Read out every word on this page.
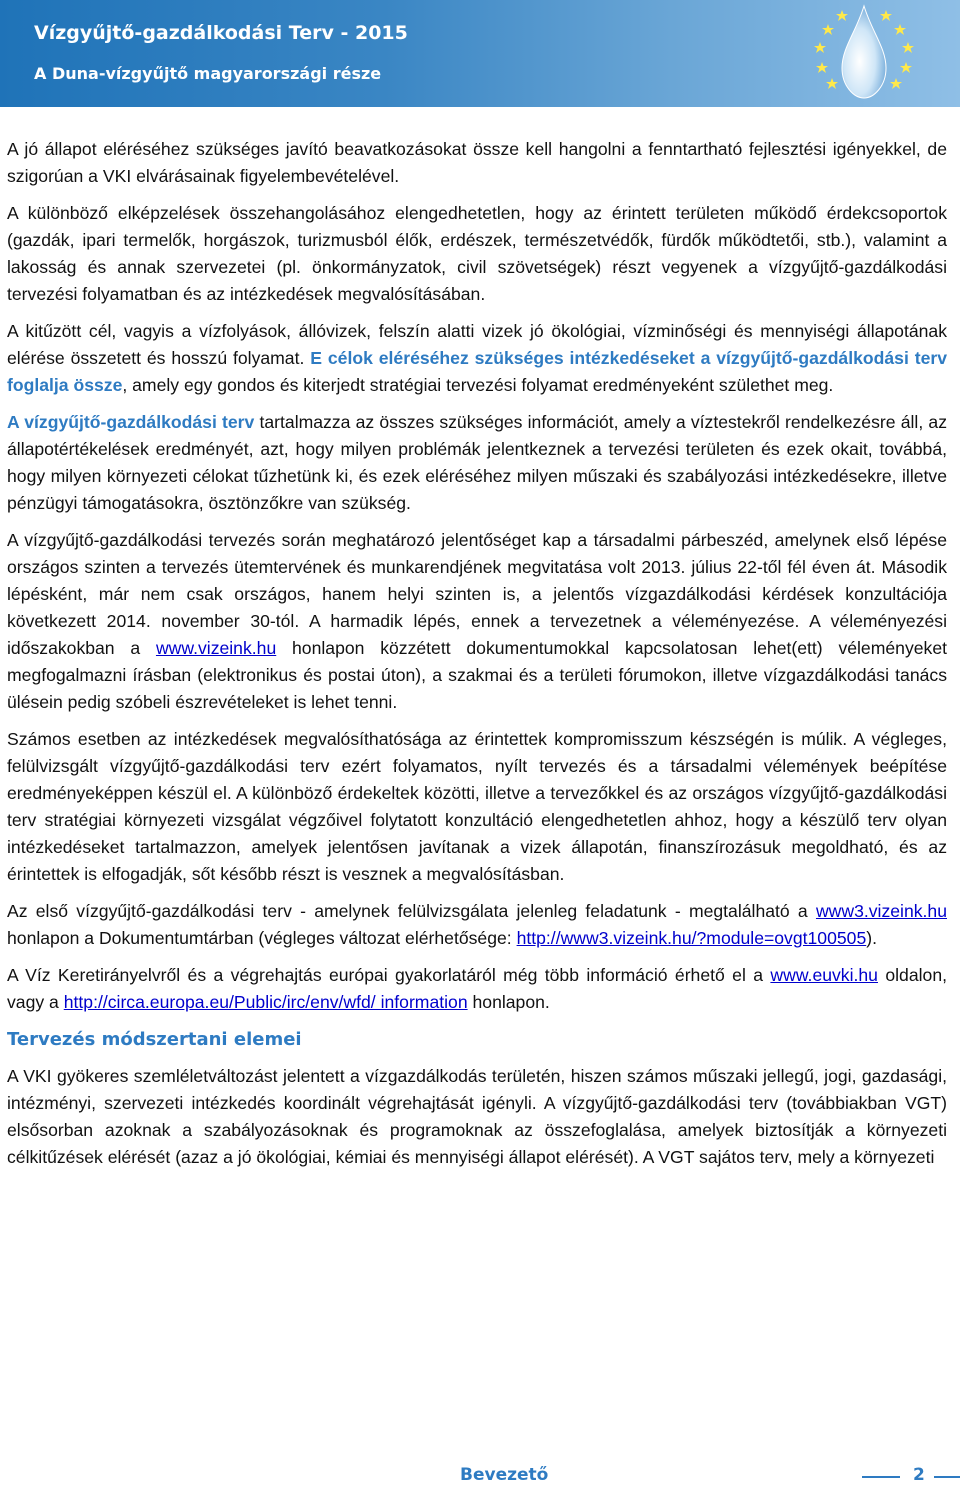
Vízgyűjtő-gazdálkodási Terv - 2015
A Duna-vízgyűjtő magyarországi része

A jó állapot eléréséhez szükséges javító beavatkozásokat össze kell hangolni a fenntartható fejlesztési igényekkel, de szigorúan a VKI elvárásainak figyelembevételével.

A különböző elképzelések összehangolásához elengedhetetlen, hogy az érintett területen működő érdekcsoportok (gazdák, ipari termelők, horgászok, turizmusból élők, erdészek, természetvédők, fürdők működtetői, stb.), valamint a lakosság és annak szervezetei (pl. önkormányzatok, civil szövetségek) részt vegyenek a vízgyűjtő-gazdálkodási tervezési folyamatban és az intézkedések megvalósításában.

A kitűzött cél, vagyis a vízfolyások, állóvizek, felszín alatti vizek jó ökológiai, vízminőségi és mennyiségi állapotának elérése összetett és hosszú folyamat. E célok eléréséhez szükséges intézkedéseket a vízgyűjtő-gazdálkodási terv foglalja össze, amely egy gondos és kiterjedt stratégiai tervezési folyamat eredményeként születhet meg.

A vízgyűjtő-gazdálkodási terv tartalmazza az összes szükséges információt, amely a víztestekről rendelkezésre áll, az állapotértékelések eredményét, azt, hogy milyen problémák jelentkeznek a tervezési területen és ezek okait, továbbá, hogy milyen környezeti célokat tűzhetünk ki, és ezek eléréséhez milyen műszaki és szabályozási intézkedésekre, illetve pénzügyi támogatásokra, ösztönzőkre van szükség.

A vízgyűjtő-gazdálkodási tervezés során meghatározó jelentőséget kap a társadalmi párbeszéd, amelynek első lépése országos szinten a tervezés ütemtervének és munkarendjének megvitatása volt 2013. július 22-től fél éven át. Második lépésként, már nem csak országos, hanem helyi szinten is, a jelentős vízgazdálkodási kérdések konzultációja következett 2014. november 30-tól. A harmadik lépés, ennek a tervezetnek a véleményezése. A véleményezési időszakokban a www.vizeink.hu honlapon közzétett dokumentumokkal kapcsolatosan lehet(ett) véleményeket megfogalmazni írásban (elektronikus és postai úton), a szakmai és a területi fórumokon, illetve vízgazdálkodási tanács ülésein pedig szóbeli észrevételeket is lehet tenni.

Számos esetben az intézkedések megvalósíthatósága az érintettek kompromisszum készségén is múlik. A végleges, felülvizsgált vízgyűjtő-gazdálkodási terv ezért folyamatos, nyílt tervezés és a társadalmi vélemények beépítése eredményeképpen készül el. A különböző érdekeltek közötti, illetve a tervezőkkel és az országos vízgyűjtő-gazdálkodási terv stratégiai környezeti vizsgálat végzőivel folytatott konzultáció elengedhetetlen ahhoz, hogy a készülő terv olyan intézkedéseket tartalmazzon, amelyek jelentősen javítanak a vizek állapotán, finanszírozásuk megoldható, és az érintettek is elfogadják, sőt később részt is vesznek a megvalósításban.

Az első vízgyűjtő-gazdálkodási terv - amelynek felülvizsgálata jelenleg feladatunk - megtalálható a www3.vizeink.hu honlapon a Dokumentumtárban (végleges változat elérhetősége: http://www3.vizeink.hu/?module=ovgt100505).

A Víz Keretirányelvről és a végrehajtás európai gyakorlatáról még több információ érhető el a www.euvki.hu oldalon, vagy a http://circa.europa.eu/Public/irc/env/wfd/ information honlapon.

Tervezés módszertani elemei

A VKI gyökeres szemléletváltozást jelentett a vízgazdálkodás területén, hiszen számos műszaki jellegű, jogi, gazdasági, intézményi, szervezeti intézkedés koordinált végrehajtását igényli. A vízgyűjtő-gazdálkodási terv (továbbiakban VGT) elsősorban azoknak a szabályozásoknak és programoknak az összefoglalása, amelyek biztosítják a környezeti célkitűzések elérését (azaz a jó ökológiai, kémiai és mennyiségi állapot elérését). A VGT sajátos terv, mely a környezeti

Bevezető	2
